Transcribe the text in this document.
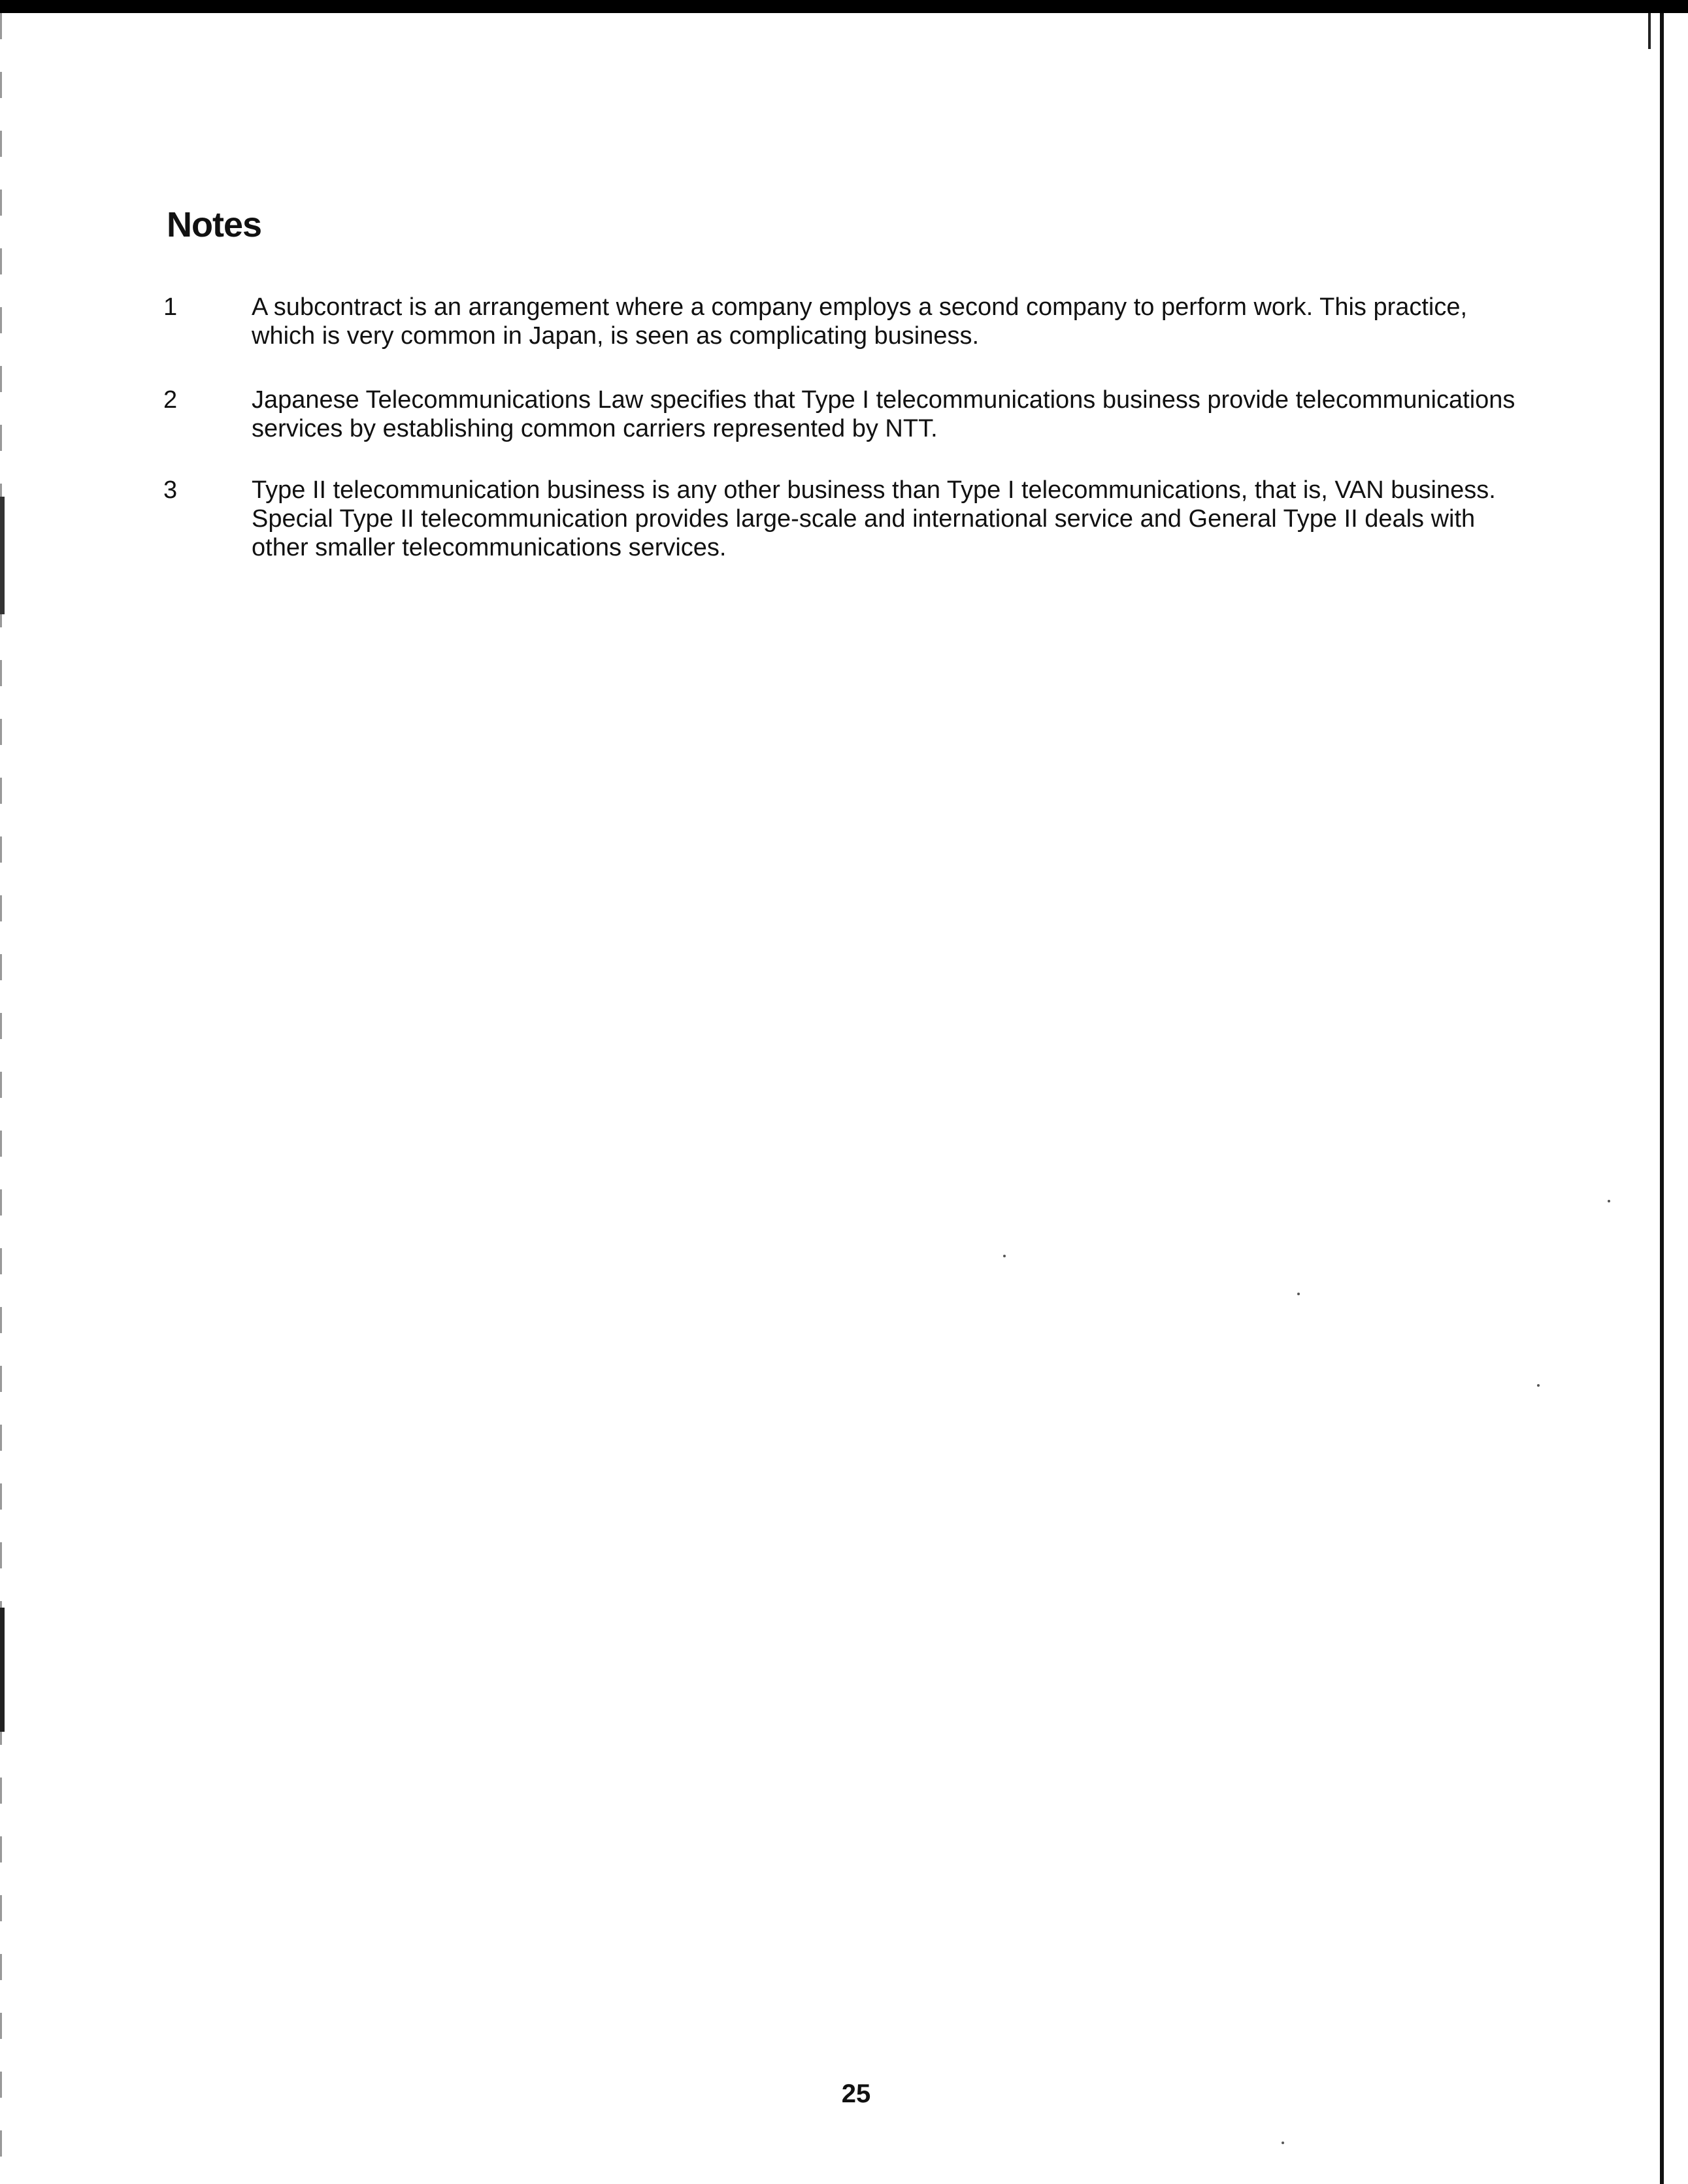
Notes
1	A subcontract is an arrangement where a company employs a second company to perform work. This practice, which is very common in Japan, is seen as complicating business.

2	Japanese Telecommunications Law specifies that Type I telecommunications business provide telecommunications services by establishing common carriers represented by NTT.

3	Type II telecommunication business is any other business than Type I telecommunications, that is, VAN business. Special Type II telecommunication provides large-scale and international service and General Type II deals with other smaller telecommunications services.

25
